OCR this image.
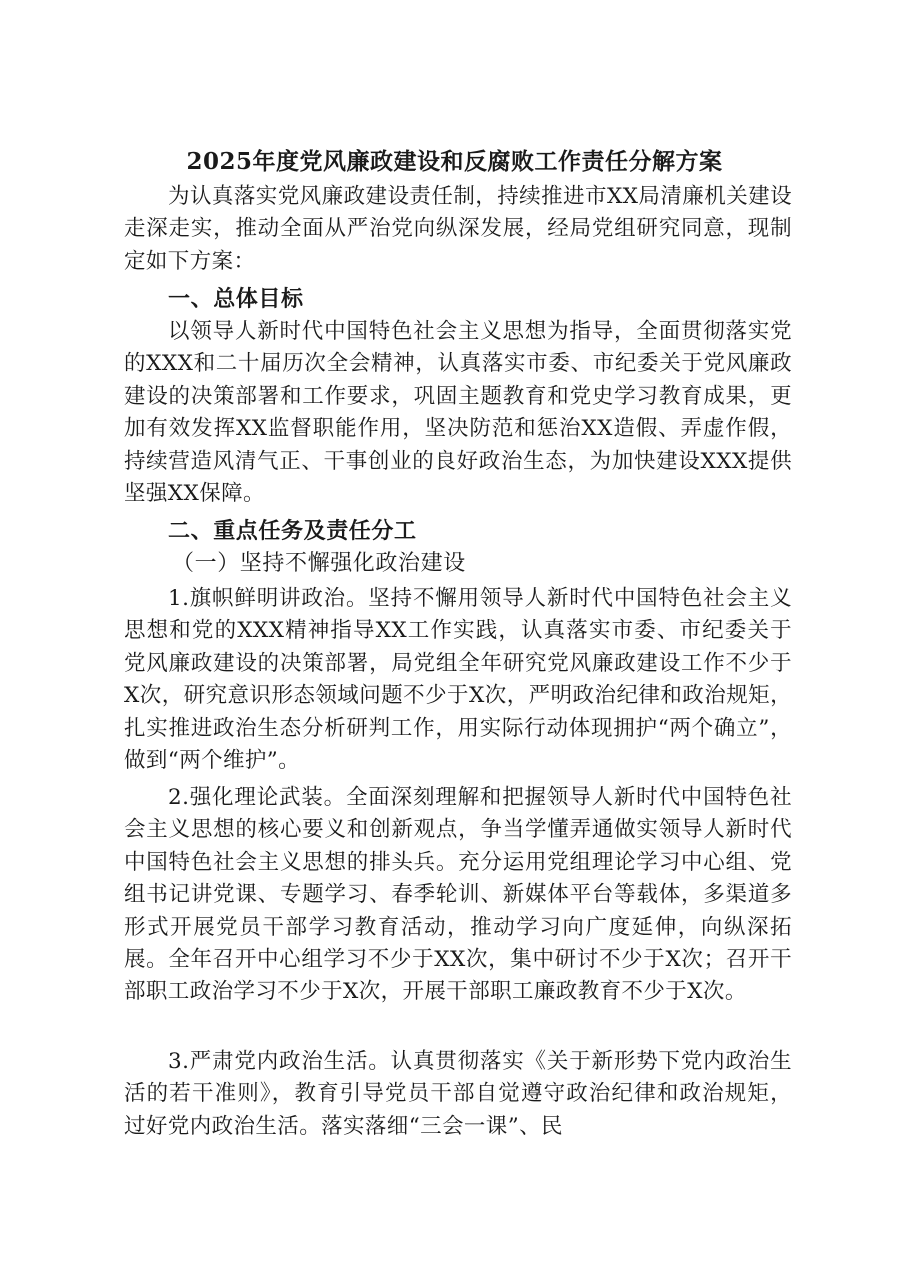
2025年度党风廉政建设和反腐败工作责任分解方案
为认真落实党风廉政建设责任制，持续推进市XX局清廉机关建设走深走实，推动全面从严治党向纵深发展，经局党组研究同意，现制定如下方案：
一、总体目标
以领导人新时代中国特色社会主义思想为指导，全面贯彻落实党的XXX和二十届历次全会精神，认真落实市委、市纪委关于党风廉政建设的决策部署和工作要求，巩固主题教育和党史学习教育成果，更加有效发挥XX监督职能作用，坚决防范和惩治XX造假、弄虚作假，持续营造风清气正、干事创业的良好政治生态，为加快建设XXX提供坚强XX保障。
二、重点任务及责任分工
（一）坚持不懈强化政治建设
1.旗帜鲜明讲政治。坚持不懈用领导人新时代中国特色社会主义思想和党的XXX精神指导XX工作实践，认真落实市委、市纪委关于党风廉政建设的决策部署，局党组全年研究党风廉政建设工作不少于X次，研究意识形态领域问题不少于X次，严明政治纪律和政治规矩，扎实推进政治生态分析研判工作，用实际行动体现拥护“两个确立”，做到“两个维护”。
2.强化理论武装。全面深刻理解和把握领导人新时代中国特色社会主义思想的核心要义和创新观点，争当学懂弄通做实领导人新时代中国特色社会主义思想的排头兵。充分运用党组理论学习中心组、党组书记讲党课、专题学习、春季轮训、新媒体平台等载体，多渠道多形式开展党员干部学习教育活动，推动学习向广度延伸，向纵深拓展。全年召开中心组学习不少于XX次，集中研讨不少于X次；召开干部职工政治学习不少于X次，开展干部职工廉政教育不少于X次。
3.严肃党内政治生活。认真贯彻落实《关于新形势下党内政治生活的若干准则》，教育引导党员干部自觉遵守政治纪律和政治规矩，过好党内政治生活。落实落细“三会一课”、民
